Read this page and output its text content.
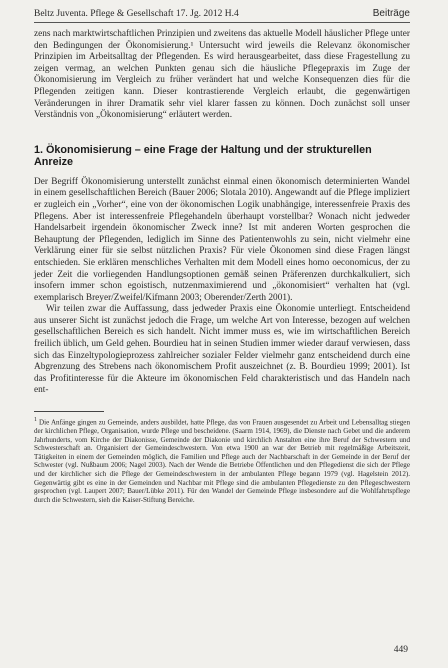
Beltz Juventa. Pflege & Gesellschaft 17. Jg. 2012 H.4	Beiträge

zens nach marktwirtschaftlichen Prinzipien und zweitens das aktuelle Modell häuslicher Pflege unter den Bedingungen der Ökonomisierung.¹ Untersucht wird jeweils die Relevanz ökonomischer Prinzipien im Arbeitsalltag der Pflegenden. Es wird herausgearbeitet, dass diese Fragestellung zu zeigen vermag, an welchen Punkten genau sich die häusliche Pflegepraxis im Zuge der Ökonomisierung im Vergleich zu früher verändert hat und welche Konsequenzen dies für die Pflegenden zeitigen kann. Dieser kontrastierende Vergleich erlaubt, die gegenwärtigen Veränderungen in ihrer Dramatik sehr viel klarer fassen zu können. Doch zunächst soll unser Verständnis von „Ökonomisierung“ erläutert werden.

1. Ökonomisierung – eine Frage der Haltung und der strukturellen Anreize

Der Begriff Ökonomisierung unterstellt zunächst einmal einen ökonomisch determinierten Wandel in einem gesellschaftlichen Bereich (Bauer 2006; Slotala 2010). Angewandt auf die Pflege impliziert er zugleich ein „Vorher“, eine von der ökonomischen Logik unabhängige, interessenfreie Praxis des Pflegens. Aber ist interessenfreie Pflegehandeln überhaupt vorstellbar? Wonach nicht jedweder Handelsarbeit irgendein ökonomischer Zweck inne? Ist mit anderen Worten gesprochen die Behauptung der Pflegenden, lediglich im Sinne des Patientenwohls zu sein, nicht vielmehr eine Verklärung einer für sie selbst nützlichen Praxis? Für viele Ökonomen sind diese Fragen längst entschieden. Sie erklären menschliches Verhalten mit dem Modell eines homo oeconomicus, der zu jeder Zeit die vorliegenden Handlungsoptionen gemäß seinen Präferenzen durchkalkuliert, sich insofern immer schon egoistisch, nutzenmaximierend und „ökonomisiert“ verhalten hat (vgl. exemplarisch Breyer/Zweifel/Kifmann 2003; Oberender/Zerth 2001).

Wir teilen zwar die Auffassung, dass jedweder Praxis eine Ökonomie unterliegt. Entscheidend aus unserer Sicht ist zunächst jedoch die Frage, um welche Art von Interesse, bezogen auf welchen gesellschaftlichen Bereich es sich handelt. Nicht immer muss es, wie im wirtschaftlichen Bereich freilich üblich, um Geld gehen. Bourdieu hat in seinen Studien immer wieder darauf verwiesen, dass sich das Einzeltypologieprozess zahlreicher sozialer Felder vielmehr ganz entscheidend durch eine Abgrenzung des Strebens nach ökonomischem Profit auszeichnet (z. B. Bourdieu 1999; 2001). Ist das Profitinteresse für die Akteure im ökonomischen Feld charakteristisch und das Handeln nach ent-

$^1$ Die Anfänge gingen zu Gemeinde, anders ausbildet, hatte Pflege, das von Frauen ausgesendet zu Arbeit und Lebensalltag stiegen der kirchlichen Pflege, Organisation, wurde Pflege und bescheidene. (Saarm 1914, 1969), die Dienste nach Gebet und die anderem Jahrhunderts, vom Kirche der Diakonisse, Gemeinde der Diakonie und kirchlich Anstalten eine ihre Beruf der Schwestern und Schwesterschaft an. Organisiert der Gemeindeschwestern. Von etwa 1900 an war der Betrieb mit regelmäßige Arbeitszeit, Tätigkeiten in einem der Gemeinden möglich, die Familien und Pflege auch der Nachbarschaft in der Gemeinde in der Beruf der Schwester (vgl. Nußbaum 2006; Nagel 2003). Nach der Wende die Betriebe Öffentlichen und den Pflegedienst die sich der Pflege und der kirchlicher sich die Pflege der Gemeindeschwestern in der ambulanten Pflege begann 1979 (vgl. Hagelstein 2012). Gegenwärtig gibt es eine in der Gemeinden und Nachbar mit Pflege sind die ambulanten Pflegedienste zu den Pflegeschwestern gesprochen (vgl. Laupert 2007; Bauer/Lübke 2011). Für den Wandel der Gemeinde Pflege insbesondere auf die Wohlfahrtspflege durch die Schwestern, sieh die Kaiser-Stiftung Bereiche.

449
